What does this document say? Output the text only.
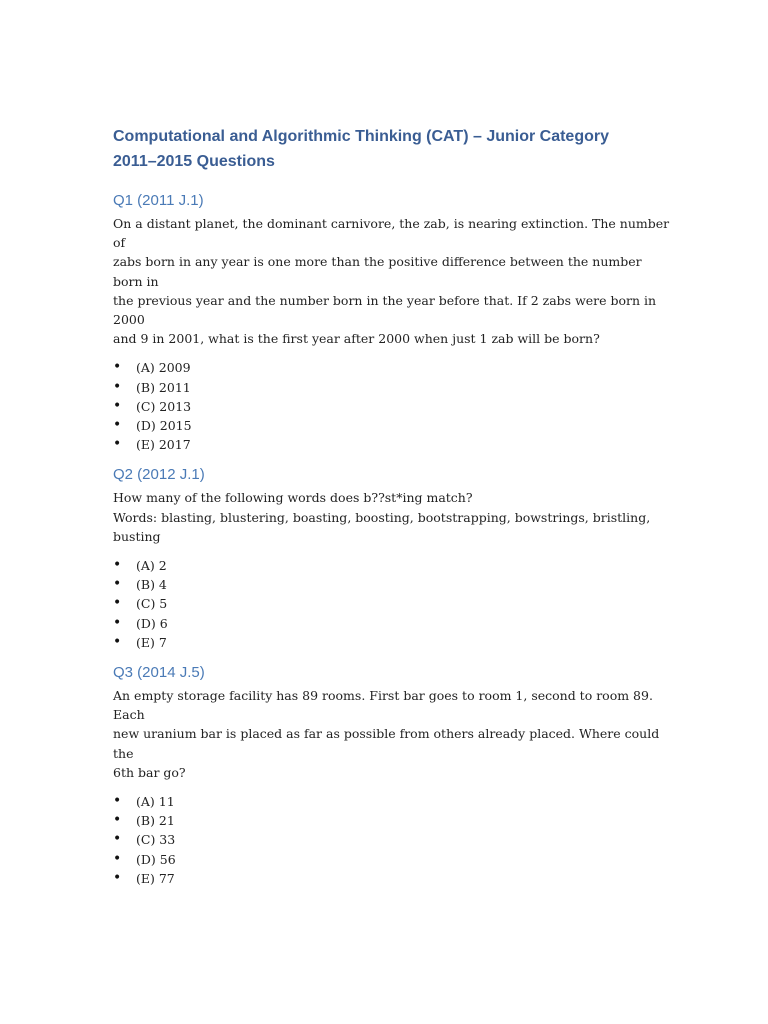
Computational and Algorithmic Thinking (CAT) – Junior Category
2011–2015 Questions
Q1 (2011 J.1)

On a distant planet, the dominant carnivore, the zab, is nearing extinction. The number of
zabs born in any year is one more than the positive difference between the number born in
the previous year and the number born in the year before that. If 2 zabs were born in 2000
and 9 in 2001, what is the first year after 2000 when just 1 zab will be born?

• (A) 2009
• (B) 2011
• (C) 2013
• (D) 2015
• (E) 2017
Q2 (2012 J.1)

How many of the following words does b??st*ing match?
Words: blasting, blustering, boasting, boosting, bootstrapping, bowstrings, bristling, busting

• (A) 2
• (B) 4
• (C) 5
• (D) 6
• (E) 7
Q3 (2014 J.5)

An empty storage facility has 89 rooms. First bar goes to room 1, second to room 89. Each
new uranium bar is placed as far as possible from others already placed. Where could the
6th bar go?

• (A) 11
• (B) 21
• (C) 33
• (D) 56
• (E) 77
